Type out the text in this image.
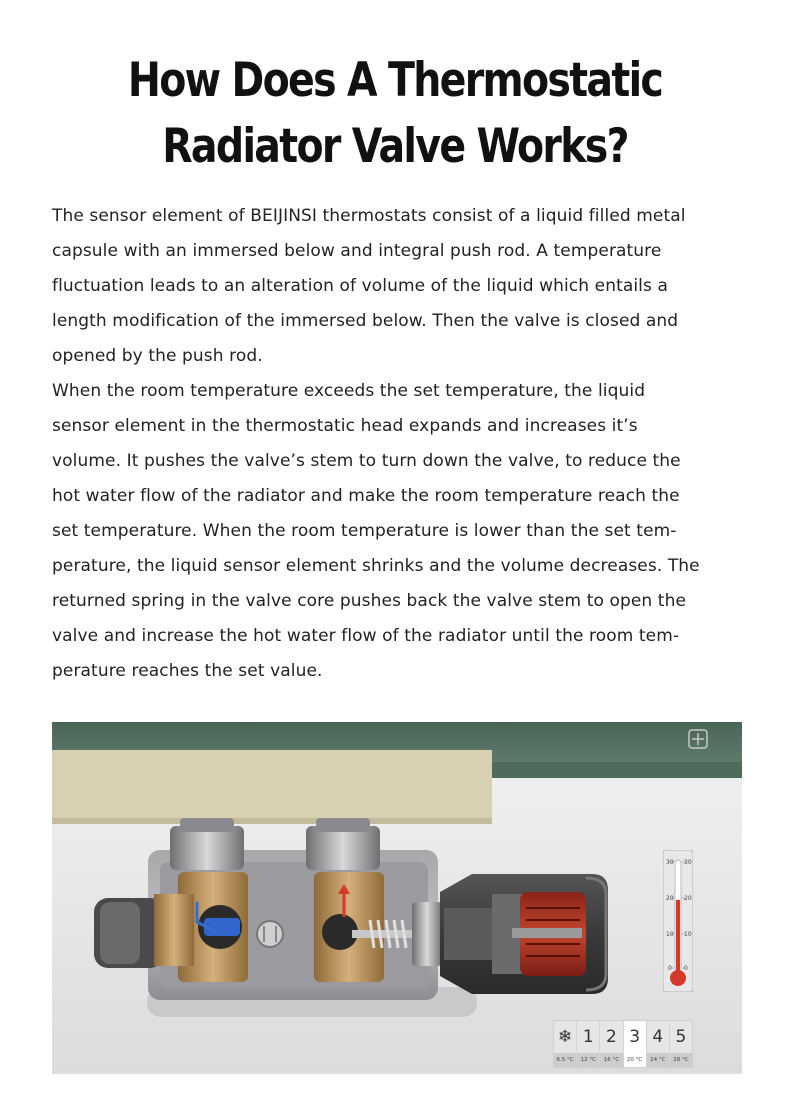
How Does A Thermostatic
Radiator Valve Works?
The sensor element of BEIJINSI thermostats consist of a liquid filled metal
capsule with an immersed below and integral push rod. A temperature
fluctuation leads to an alteration of volume of the liquid which entails a
length modification of the immersed below. Then the valve is closed and
opened by the push rod.
When the room temperature exceeds the set temperature, the liquid
sensor element in the thermostatic head expands and increases it’s
volume. It pushes the valve’s stem to turn down the valve, to reduce the
hot water flow of the radiator and make the room temperature reach the
set temperature. When the room temperature is lower than the set tem-
perature, the liquid sensor element shrinks and the volume decreases. The
returned spring in the valve core pushes back the valve stem to open the
valve and increase the hot water flow of the radiator until the room tem-
perature reaches the set value.
30 30
20 20
10 10
0 0
❄
6.5 °C
1
12 °C
2
16 °C
3
20 °C
4
24 °C
5
28 °C
